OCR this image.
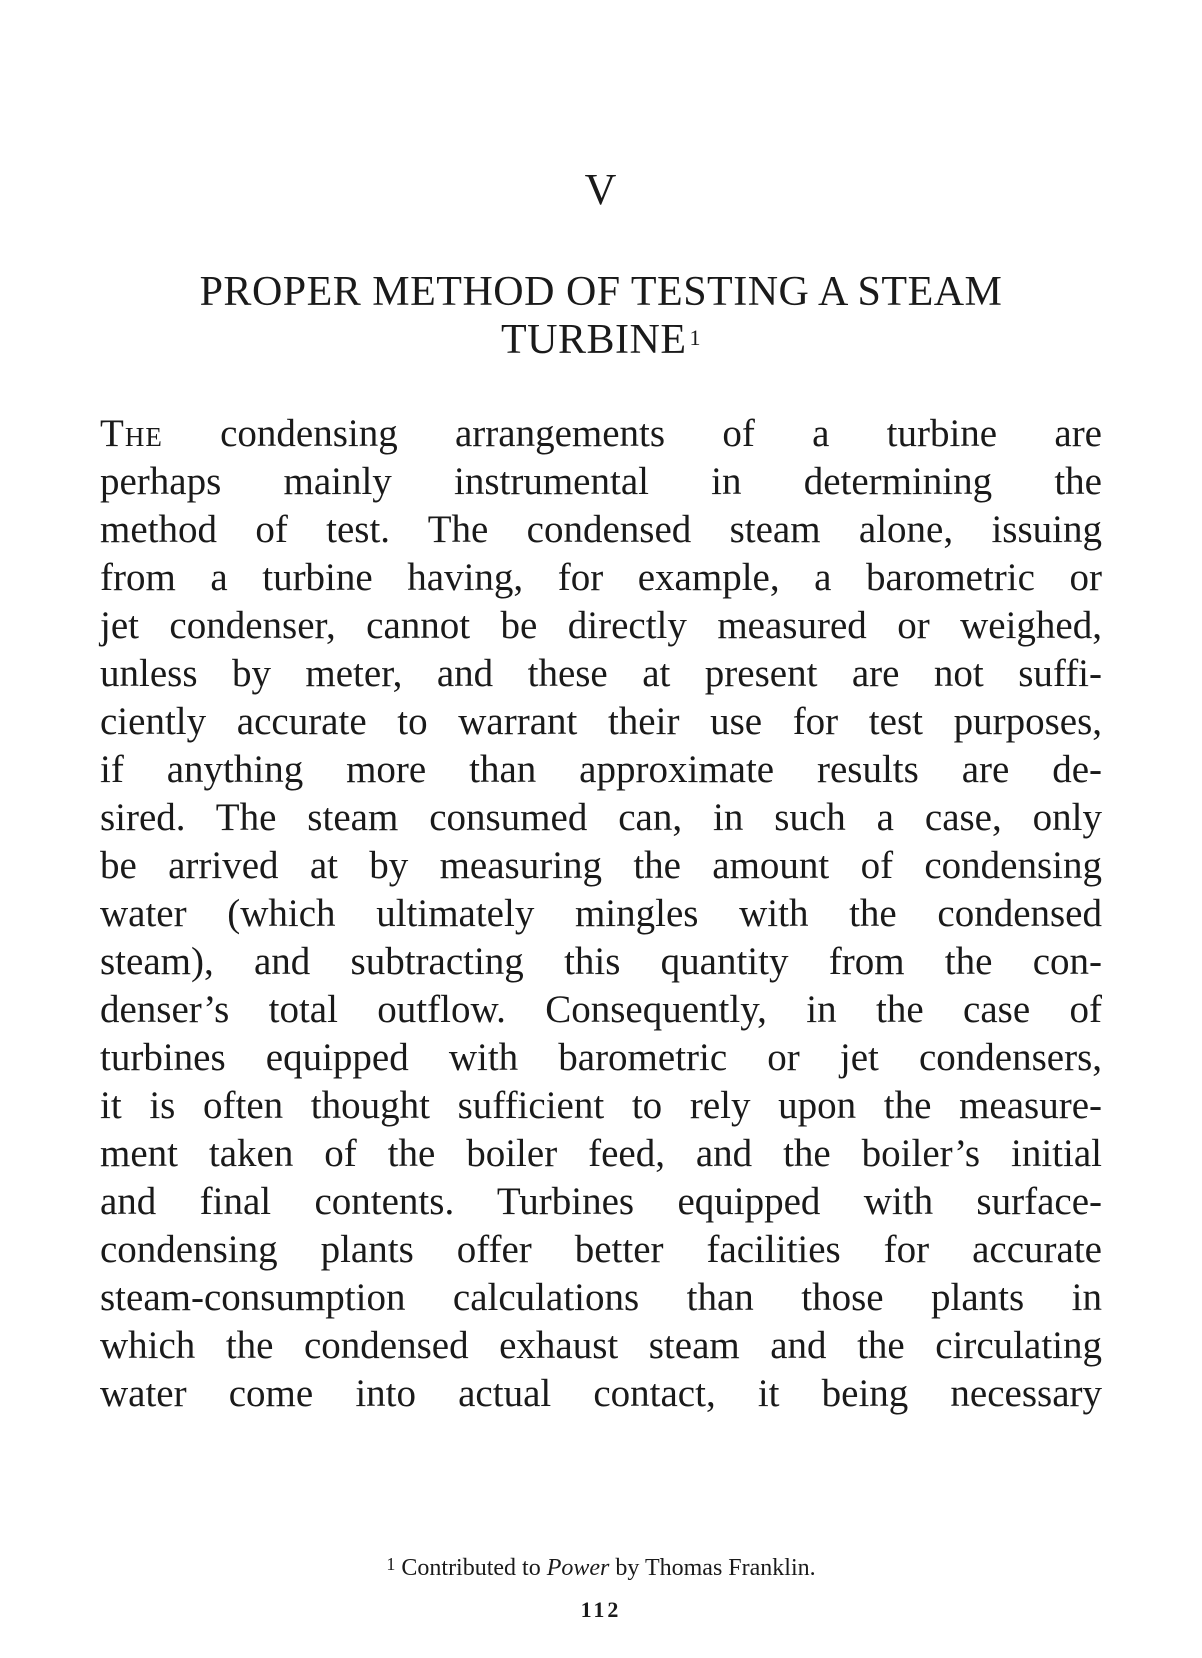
V
PROPER METHOD OF TESTING A STEAM
TURBINE $^1$
The condensing arrangements of a turbine are
perhaps mainly instrumental in determining the
method of test. The condensed steam alone, issuing
from a turbine having, for example, a barometric or
jet condenser, cannot be directly measured or weighed,
unless by meter, and these at present are not suffi-
ciently accurate to warrant their use for test purposes,
if anything more than approximate results are de-
sired. The steam consumed can, in such a case, only
be arrived at by measuring the amount of condensing
water (which ultimately mingles with the condensed
steam), and subtracting this quantity from the con-
denser’s total outflow. Consequently, in the case of
turbines equipped with barometric or jet condensers,
it is often thought sufficient to rely upon the measure-
ment taken of the boiler feed, and the boiler’s initial
and final contents. Turbines equipped with surface-
condensing plants offer better facilities for accurate
steam-consumption calculations than those plants in
which the condensed exhaust steam and the circulating
water come into actual contact, it being necessary
$^1$ Contributed to Power by Thomas Franklin.
112
